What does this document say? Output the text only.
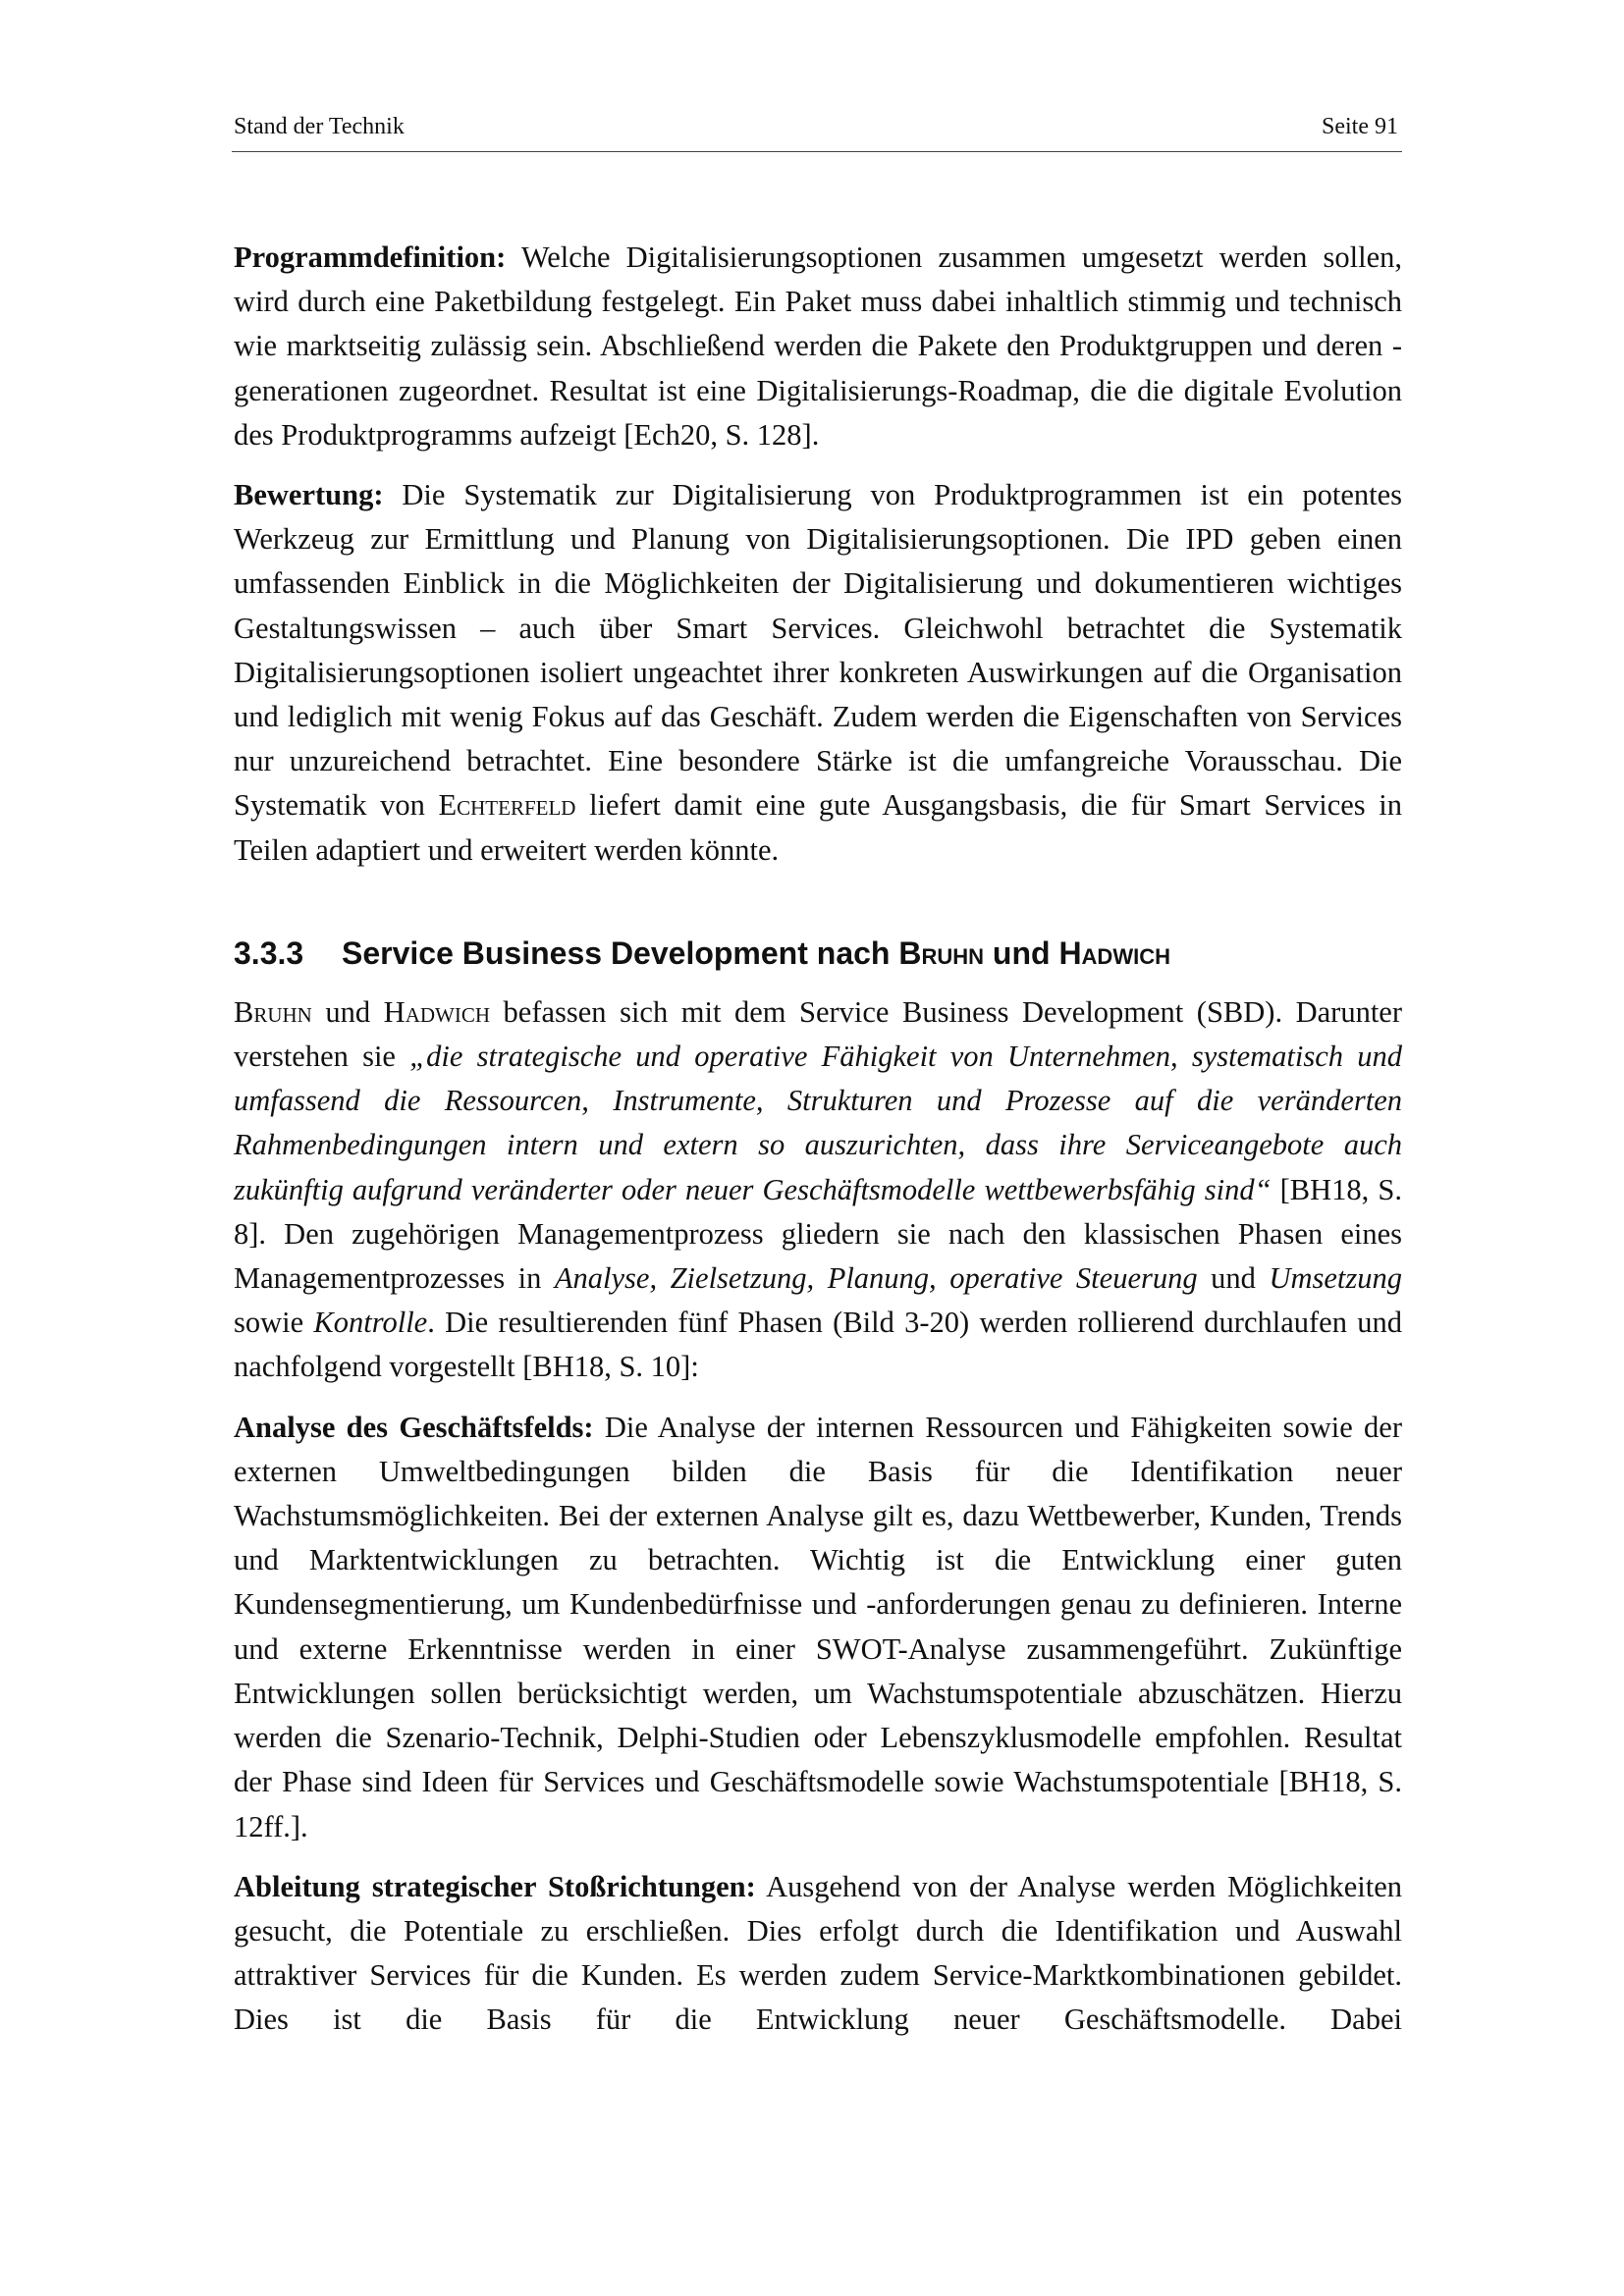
Stand der Technik	Seite 91

Programmdefinition: Welche Digitalisierungsoptionen zusammen umgesetzt werden sollen, wird durch eine Paketbildung festgelegt. Ein Paket muss dabei inhaltlich stimmig und technisch wie marktseitig zulässig sein. Abschließend werden die Pakete den Produktgruppen und deren -generationen zugeordnet. Resultat ist eine Digitalisierungs-Roadmap, die die digitale Evolution des Produktprogramms aufzeigt [Ech20, S. 128].

Bewertung: Die Systematik zur Digitalisierung von Produktprogrammen ist ein potentes Werkzeug zur Ermittlung und Planung von Digitalisierungsoptionen. Die IPD geben einen umfassenden Einblick in die Möglichkeiten der Digitalisierung und dokumentieren wichtiges Gestaltungswissen – auch über Smart Services. Gleichwohl betrachtet die Systematik Digitalisierungsoptionen isoliert ungeachtet ihrer konkreten Auswirkungen auf die Organisation und lediglich mit wenig Fokus auf das Geschäft. Zudem werden die Eigenschaften von Services nur unzureichend betrachtet. Eine besondere Stärke ist die umfangreiche Vorausschau. Die Systematik von Echterfeld liefert damit eine gute Ausgangsbasis, die für Smart Services in Teilen adaptiert und erweitert werden könnte.

3.3.3 Service Business Development nach Bruhn und Hadwich

Bruhn und Hadwich befassen sich mit dem Service Business Development (SBD). Darunter verstehen sie „die strategische und operative Fähigkeit von Unternehmen, systematisch und umfassend die Ressourcen, Instrumente, Strukturen und Prozesse auf die veränderten Rahmenbedingungen intern und extern so auszurichten, dass ihre Serviceangebote auch zukünftig aufgrund veränderter oder neuer Geschäftsmodelle wettbewerbsfähig sind“ [BH18, S. 8]. Den zugehörigen Managementprozess gliedern sie nach den klassischen Phasen eines Managementprozesses in Analyse, Zielsetzung, Planung, operative Steuerung und Umsetzung sowie Kontrolle. Die resultierenden fünf Phasen (Bild 3-20) werden rollierend durchlaufen und nachfolgend vorgestellt [BH18, S. 10]:

Analyse des Geschäftsfelds: Die Analyse der internen Ressourcen und Fähigkeiten sowie der externen Umweltbedingungen bilden die Basis für die Identifikation neuer Wachstumsmöglichkeiten. Bei der externen Analyse gilt es, dazu Wettbewerber, Kunden, Trends und Marktentwicklungen zu betrachten. Wichtig ist die Entwicklung einer guten Kundensegmentierung, um Kundenbedürfnisse und -anforderungen genau zu definieren. Interne und externe Erkenntnisse werden in einer SWOT-Analyse zusammengeführt. Zukünftige Entwicklungen sollen berücksichtigt werden, um Wachstumspotentiale abzuschätzen. Hierzu werden die Szenario-Technik, Delphi-Studien oder Lebenszyklusmodelle empfohlen. Resultat der Phase sind Ideen für Services und Geschäftsmodelle sowie Wachstumspotentiale [BH18, S. 12ff.].

Ableitung strategischer Stoßrichtungen: Ausgehend von der Analyse werden Möglichkeiten gesucht, die Potentiale zu erschließen. Dies erfolgt durch die Identifikation und Auswahl attraktiver Services für die Kunden. Es werden zudem Service-Marktkombinationen gebildet. Dies ist die Basis für die Entwicklung neuer Geschäftsmodelle. Dabei
